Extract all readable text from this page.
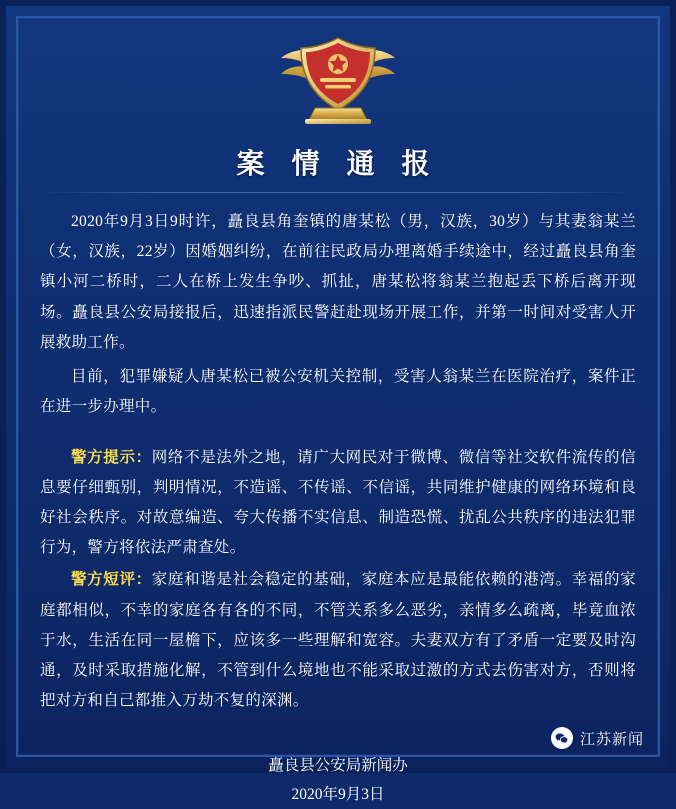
案 情 通 报

2020年9月3日9时许，矗良县角奎镇的唐某松（男，汉族，30岁）与其妻翁某兰（女，汉族，22岁）因婚姻纠纷，在前往民政局办理离婚手续途中，经过矗良县角奎镇小河二桥时，二人在桥上发生争吵、抓扯，唐某松将翁某兰抱起丢下桥后离开现场。矗良县公安局接报后，迅速指派民警赶赴现场开展工作，并第一时间对受害人开展救助工作。

目前，犯罪嫌疑人唐某松已被公安机关控制，受害人翁某兰在医院治疗，案件正在进一步办理中。

警方提示：网络不是法外之地，请广大网民对于微博、微信等社交软件流传的信息要仔细甄别，判明情况，不造谣、不传谣、不信谣，共同维护健康的网络环境和良好社会秩序。对故意编造、夸大传播不实信息、制造恐慌、扰乱公共秩序的违法犯罪行为，警方将依法严肃查处。

警方短评：家庭和谐是社会稳定的基础，家庭本应是最能依赖的港湾。幸福的家庭都相似，不幸的家庭各有各的不同，不管关系多么恶劣，亲情多么疏离，毕竟血浓于水，生活在同一屋檐下，应该多一些理解和宽容。夫妻双方有了矛盾一定要及时沟通，及时采取措施化解，不管到什么境地也不能采取过激的方式去伤害对方，否则将把对方和自己都推入万劫不复的深渊。

矗良县公安局新闻办
2020年9月3日
江苏新闻
